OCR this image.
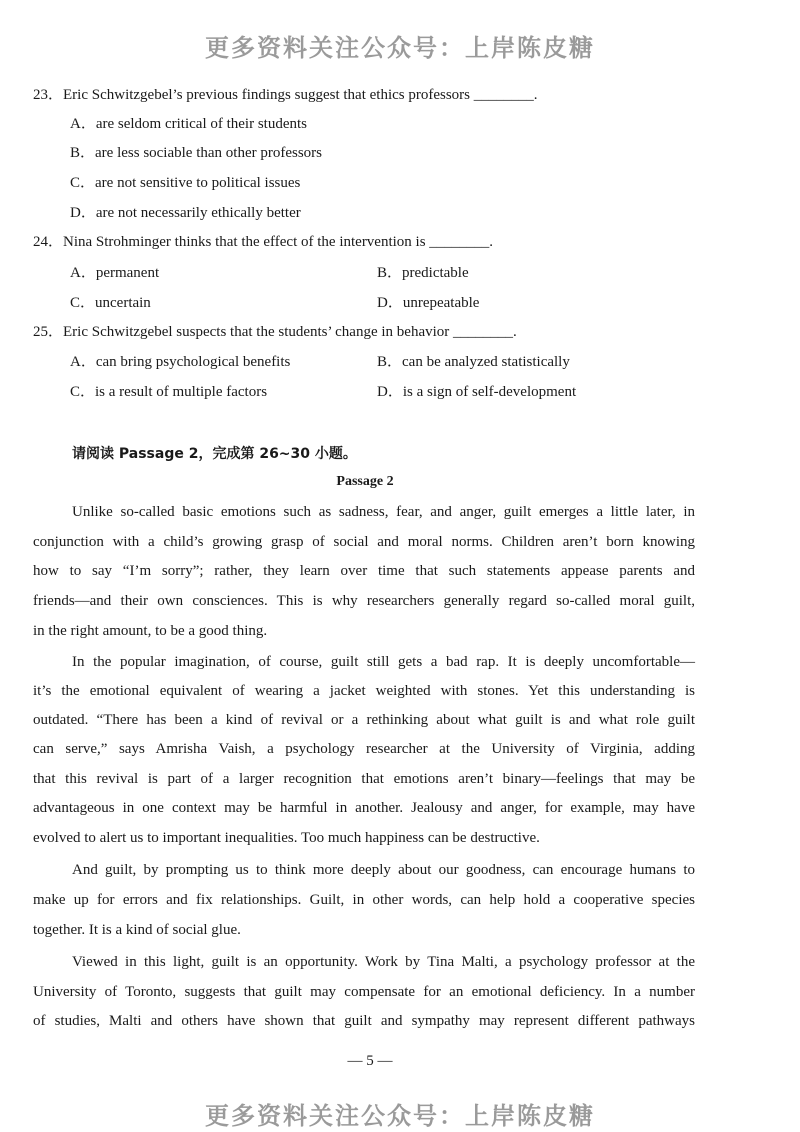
更多资料关注公众号：上岸陈皮糖
23．Eric Schwitzgebel’s previous findings suggest that ethics professors ________.
A．are seldom critical of their students
B．are less sociable than other professors
C．are not sensitive to political issues
D．are not necessarily ethically better
24．Nina Strohminger thinks that the effect of the intervention is ________.
A．permanent	B．predictable
C．uncertain	D．unrepeatable
25．Eric Schwitzgebel suspects that the students’ change in behavior ________.
A．can bring psychological benefits	B．can be analyzed statistically
C．is a result of multiple factors	D．is a sign of self-development
请阅读 Passage 2，完成第 26~30 小题。
Passage 2
Unlike so-called basic emotions such as sadness, fear, and anger, guilt emerges a little later, in
conjunction with a child’s growing grasp of social and moral norms. Children aren’t born knowing
how to say “I’m sorry”; rather, they learn over time that such statements appease parents and
friends—and their own consciences. This is why researchers generally regard so-called moral guilt,
in the right amount, to be a good thing.
In the popular imagination, of course, guilt still gets a bad rap. It is deeply uncomfortable—
it’s the emotional equivalent of wearing a jacket weighted with stones. Yet this understanding is
outdated. “There has been a kind of revival or a rethinking about what guilt is and what role guilt
can serve,” says Amrisha Vaish, a psychology researcher at the University of Virginia, adding
that this revival is part of a larger recognition that emotions aren’t binary—feelings that may be
advantageous in one context may be harmful in another. Jealousy and anger, for example, may have
evolved to alert us to important inequalities. Too much happiness can be destructive.
And guilt, by prompting us to think more deeply about our goodness, can encourage humans to
make up for errors and fix relationships. Guilt, in other words, can help hold a cooperative species
together. It is a kind of social glue.
Viewed in this light, guilt is an opportunity. Work by Tina Malti, a psychology professor at the
University of Toronto, suggests that guilt may compensate for an emotional deficiency. In a number
of studies, Malti and others have shown that guilt and sympathy may represent different pathways
— 5 —
更多资料关注公众号：上岸陈皮糖
